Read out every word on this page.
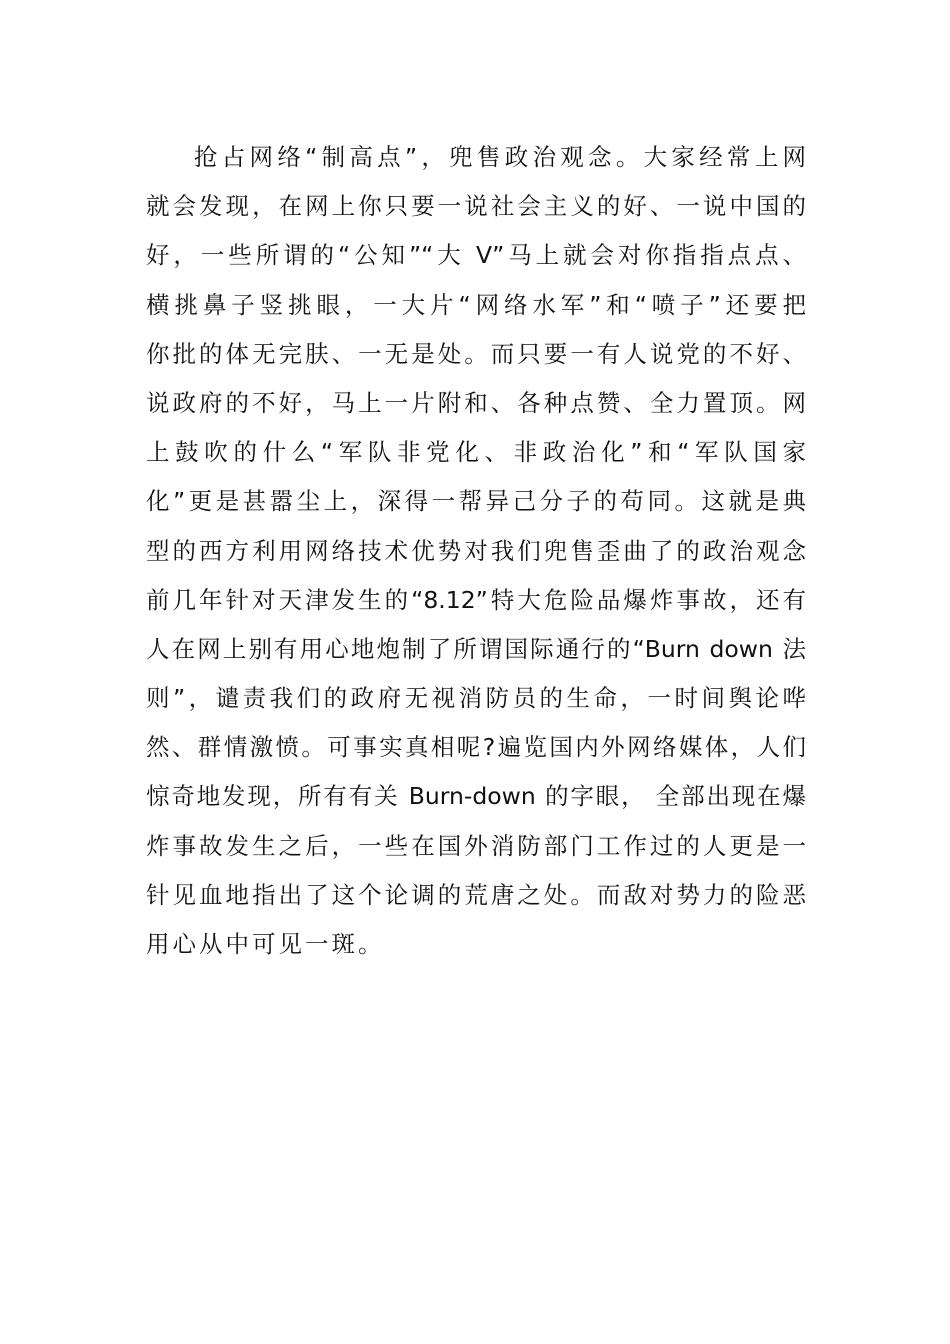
抢占网络“制高点”，兜售政治观念。大家经常上网
就会发现，在网上你只要一说社会主义的好、一说中国的
好，一些所谓的“公知”“大 V”马上就会对你指指点点、
横挑鼻子竖挑眼，一大片“网络水军”和“喷子”还要把
你批的体无完肤、一无是处。而只要一有人说党的不好、
说政府的不好，马上一片附和、各种点赞、全力置顶。网
上鼓吹的什么“军队非党化、非政治化”和“军队国家
化”更是甚嚣尘上，深得一帮异己分子的苟同。这就是典
型的西方利用网络技术优势对我们兜售歪曲了的政治观念
前几年针对天津发生的“8.12”特大危险品爆炸事故，还有
人在网上别有用心地炮制了所谓国际通行的“Burn down 法
则”，谴责我们的政府无视消防员的生命，一时间舆论哗
然、群情激愤。可事实真相呢?遍览国内外网络媒体，人们
惊奇地发现，所有有关 Burn-down 的字眼， 全部出现在爆
炸事故发生之后，一些在国外消防部门工作过的人更是一
针见血地指出了这个论调的荒唐之处。而敌对势力的险恶
用心从中可见一斑。
